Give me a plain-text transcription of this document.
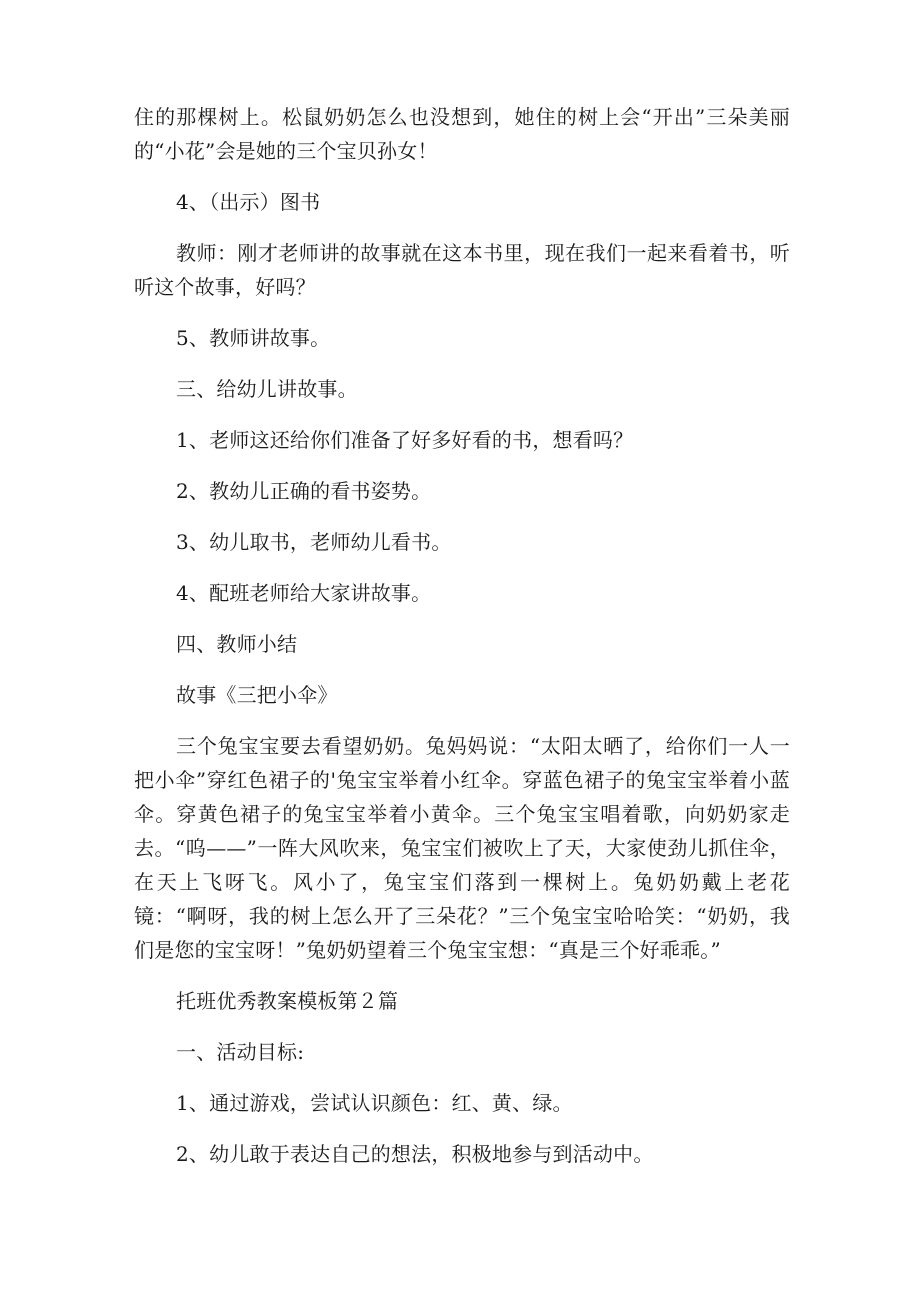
住的那棵树上。松鼠奶奶怎么也没想到，她住的树上会“开出”三朵美丽的“小花”会是她的三个宝贝孙女！

4、（出示）图书

教师：刚才老师讲的故事就在这本书里，现在我们一起来看着书，听听这个故事，好吗？

5、教师讲故事。

三、给幼儿讲故事。

1、老师这还给你们准备了好多好看的书，想看吗？

2、教幼儿正确的看书姿势。

3、幼儿取书，老师幼儿看书。

4、配班老师给大家讲故事。

四、教师小结

故事《三把小伞》

三个兔宝宝要去看望奶奶。兔妈妈说：“太阳太晒了，给你们一人一把小伞”穿红色裙子的'兔宝宝举着小红伞。穿蓝色裙子的兔宝宝举着小蓝伞。穿黄色裙子的兔宝宝举着小黄伞。三个兔宝宝唱着歌，向奶奶家走去。“呜——”一阵大风吹来，兔宝宝们被吹上了天，大家使劲儿抓住伞，在天上飞呀飞。风小了，兔宝宝们落到一棵树上。兔奶奶戴上老花镜：“啊呀，我的树上怎么开了三朵花？”三个兔宝宝哈哈笑：“奶奶，我们是您的宝宝呀！”兔奶奶望着三个兔宝宝想：“真是三个好乖乖。”

托班优秀教案模板第２篇

一、活动目标:

1、通过游戏，尝试认识颜色：红、黄、绿。

2、幼儿敢于表达自己的想法，积极地参与到活动中。
